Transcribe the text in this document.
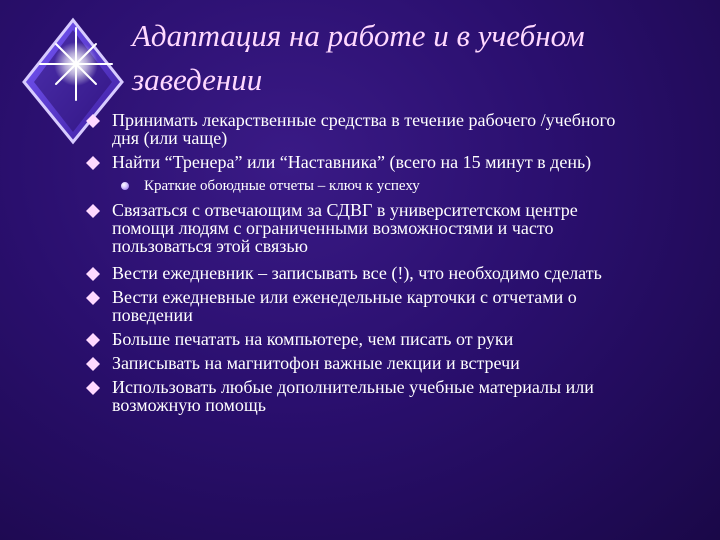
Адаптация на работе и в учебном
заведении
Принимать лекарственные средства в течение рабочего /учебного
дня (или чаще)
Найти “Тренера” или “Наставника” (всего на 15 минут в день)
Краткие обоюдные отчеты – ключ к успеху
Связаться с отвечающим за СДВГ в университетском центре
помощи людям с ограниченными возможностями и часто
пользоваться этой связью
Вести ежедневник – записывать все (!), что необходимо сделать
Вести ежедневные или еженедельные карточки с отчетами о
поведении
Больше печатать на компьютере, чем писать от руки
Записывать на магнитофон важные лекции и встречи
Использовать любые дополнительные учебные материалы или
возможную помощь
